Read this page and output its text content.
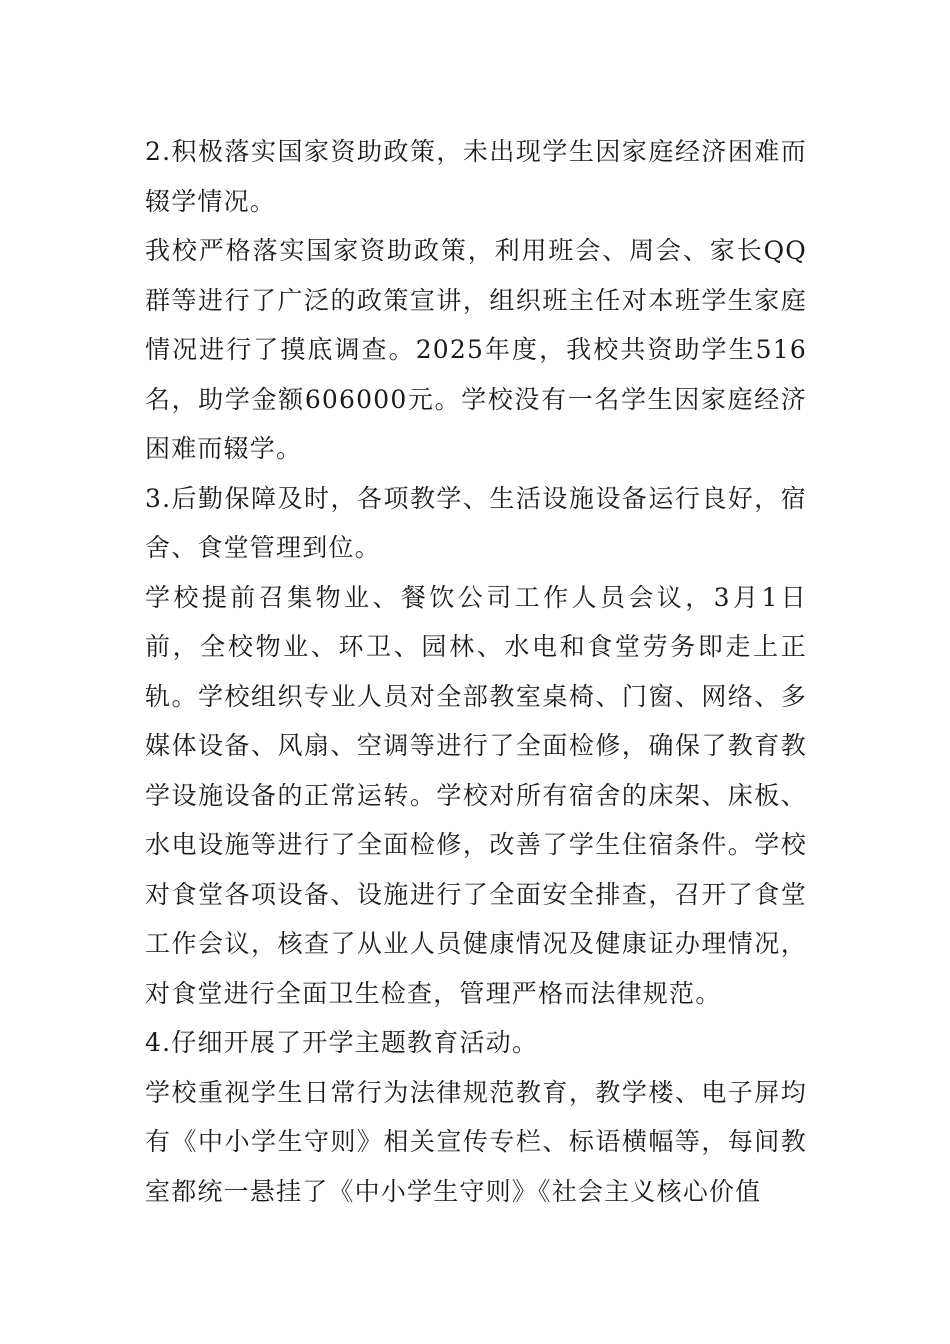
2.积极落实国家资助政策，未出现学生因家庭经济困难而辍学情况。

我校严格落实国家资助政策，利用班会、周会、家长QQ群等进行了广泛的政策宣讲，组织班主任对本班学生家庭情况进行了摸底调查。2025年度，我校共资助学生516名，助学金额606000元。学校没有一名学生因家庭经济困难而辍学。

3.后勤保障及时，各项教学、生活设施设备运行良好，宿舍、食堂管理到位。

学校提前召集物业、餐饮公司工作人员会议，3月1日前，全校物业、环卫、园林、水电和食堂劳务即走上正轨。学校组织专业人员对全部教室桌椅、门窗、网络、多媒体设备、风扇、空调等进行了全面检修，确保了教育教学设施设备的正常运转。学校对所有宿舍的床架、床板、水电设施等进行了全面检修，改善了学生住宿条件。学校对食堂各项设备、设施进行了全面安全排查，召开了食堂工作会议，核查了从业人员健康情况及健康证办理情况，对食堂进行全面卫生检查，管理严格而法律规范。

4.仔细开展了开学主题教育活动。

学校重视学生日常行为法律规范教育，教学楼、电子屏均有《中小学生守则》相关宣传专栏、标语横幅等，每间教室都统一悬挂了《中小学生守则》《社会主义核心价值
